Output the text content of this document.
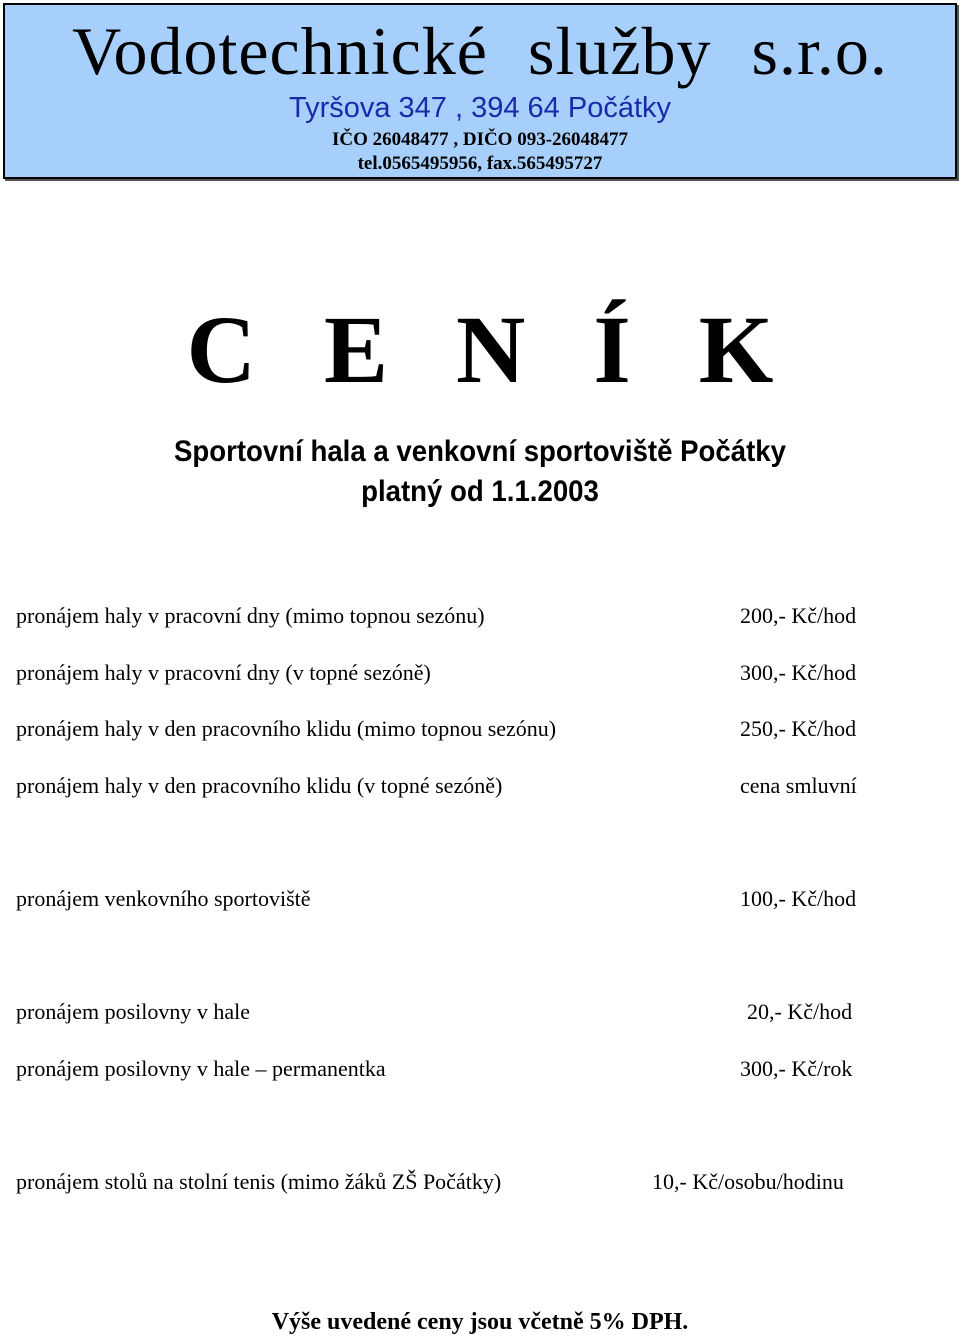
Vodotechnické služby s.r.o.
Tyršova 347 , 394 64 Počátky
IČO 26048477 , DIČO 093-26048477
tel.0565495956, fax.565495727
C E N Í K
Sportovní hala a venkovní sportoviště Počátky
platný od 1.1.2003
pronájem haly v pracovní dny (mimo topnou sezónu)	200,- Kč/hod
pronájem haly v pracovní dny (v topné sezóně)	300,- Kč/hod
pronájem haly v den pracovního klidu (mimo topnou sezónu)	250,- Kč/hod
pronájem haly v den pracovního klidu (v topné sezóně)	cena smluvní
pronájem venkovního sportoviště	100,- Kč/hod
pronájem posilovny v hale	20,- Kč/hod
pronájem posilovny v hale – permanentka	300,- Kč/rok
pronájem stolů na stolní tenis (mimo žáků ZŠ Počátky)	10,- Kč/osobu/hodinu
Výše uvedené ceny jsou včetně 5% DPH.
